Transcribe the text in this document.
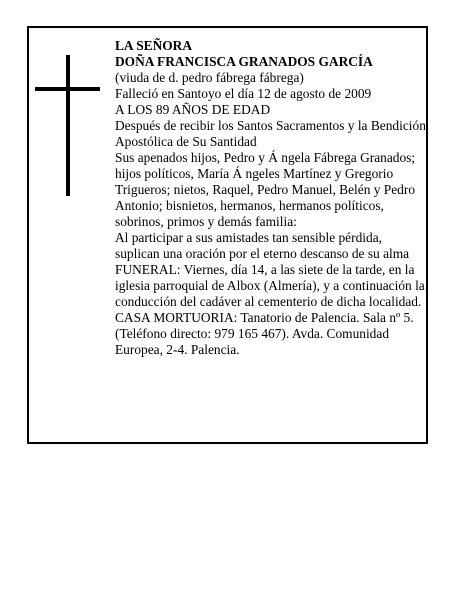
LA SEÑORA

DOÑA FRANCISCA GRANADOS GARCÍA

(viuda de d. pedro fábrega fábrega)

Falleció en Santoyo el día 12 de agosto de 2009

A LOS 89 AÑOS DE EDAD

Después de recibir los Santos Sacramentos y la Bendición Apostólica de Su Santidad

Sus apenados hijos, Pedro y Á ngela Fábrega Granados; hijos políticos, María Á ngeles Martínez y Gregorio Trigueros; nietos, Raquel, Pedro Manuel, Belén y Pedro Antonio; bisnietos, hermanos, hermanos políticos, sobrinos, primos y demás familia:

Al participar a sus amistades tan sensible pérdida, suplican una oración por el eterno descanso de su alma

FUNERAL: Viernes, día 14, a las siete de la tarde, en la iglesia parroquial de Albox (Almería), y a continuación la conducción del cadáver al cementerio de dicha localidad.

CASA MORTUORIA: Tanatorio de Palencia. Sala nº 5. (Teléfono directo: 979 165 467). Avda. Comunidad Europea, 2-4. Palencia.
